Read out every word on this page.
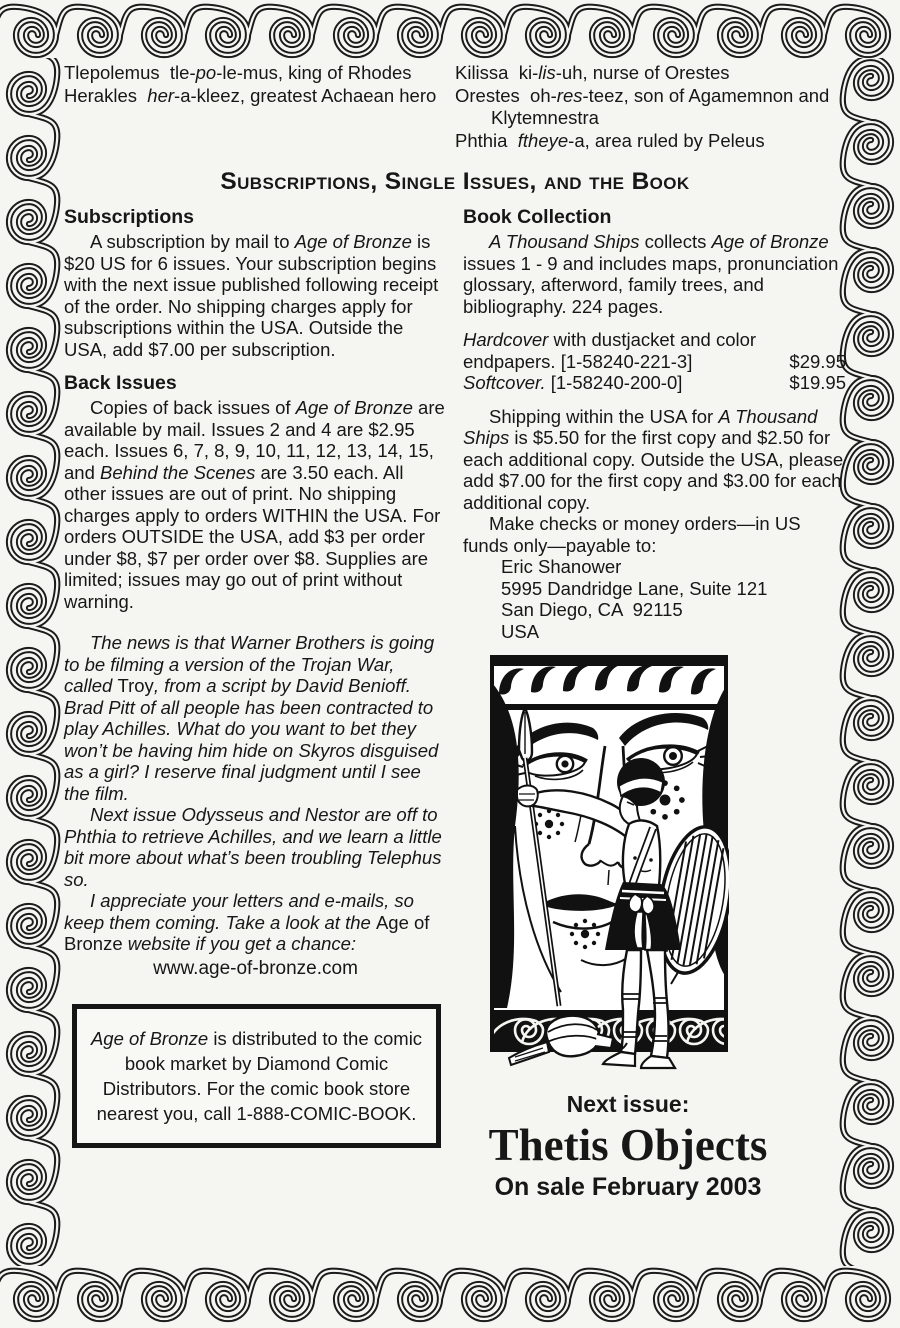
Tlepolemus  tle-po-le-mus, king of Rhodes
Herakles  her-a-kleez, greatest Achaean hero
Kilissa  ki-lis-uh, nurse of Orestes
Orestes  oh-res-teez, son of Agamemnon and Klytemnestra
Phthia  ftheye-a, area ruled by Peleus
Subscriptions, Single Issues, and the Book
Subscriptions

A subscription by mail to Age of Bronze is $20 US for 6 issues. Your subscription begins with the next issue published following receipt of the order. No shipping charges apply for subscriptions within the USA. Outside the USA, add $7.00 per subscription.

Back Issues

Copies of back issues of Age of Bronze are available by mail. Issues 2 and 4 are $2.95 each. Issues 6, 7, 8, 9, 10, 11, 12, 13, 14, 15, and Behind the Scenes are 3.50 each. All other issues are out of print. No shipping charges apply to orders WITHIN the USA. For orders OUTSIDE the USA, add $3 per order under $8, $7 per order over $8. Supplies are limited; issues may go out of print without warning.

The news is that Warner Brothers is going to be filming a version of the Trojan War, called Troy, from a script by David Benioff. Brad Pitt of all people has been contracted to play Achilles. What do you want to bet they won’t be having him hide on Skyros disguised as a girl? I reserve final judgment until I see the film.

Next issue Odysseus and Nestor are off to Phthia to retrieve Achilles, and we learn a little bit more about what’s been troubling Telephus so.

I appreciate your letters and e-mails, so keep them coming. Take a look at the Age of Bronze website if you get a chance:

www.age-of-bronze.com
Age of Bronze is distributed to the comic book market by Diamond Comic Distributors. For the comic book store nearest you, call 1-888-COMIC-BOOK.
Book Collection

A Thousand Ships collects Age of Bronze issues 1 - 9 and includes maps, pronunciation glossary, afterword, family trees, and bibliography. 224 pages.

Hardcover with dustjacket and color
endpapers. [1-58240-221-3]	$29.95
Softcover. [1-58240-200-0]	$19.95

Shipping within the USA for A Thousand Ships is $5.50 for the first copy and $2.50 for each additional copy. Outside the USA, please add $7.00 for the first copy and $3.00 for each additional copy.

Make checks or money orders—in US funds only—payable to:

Eric Shanower
5995 Dandridge Lane, Suite 121
San Diego, CA  92115
USA
Next issue:
Thetis Objects
On sale February 2003
